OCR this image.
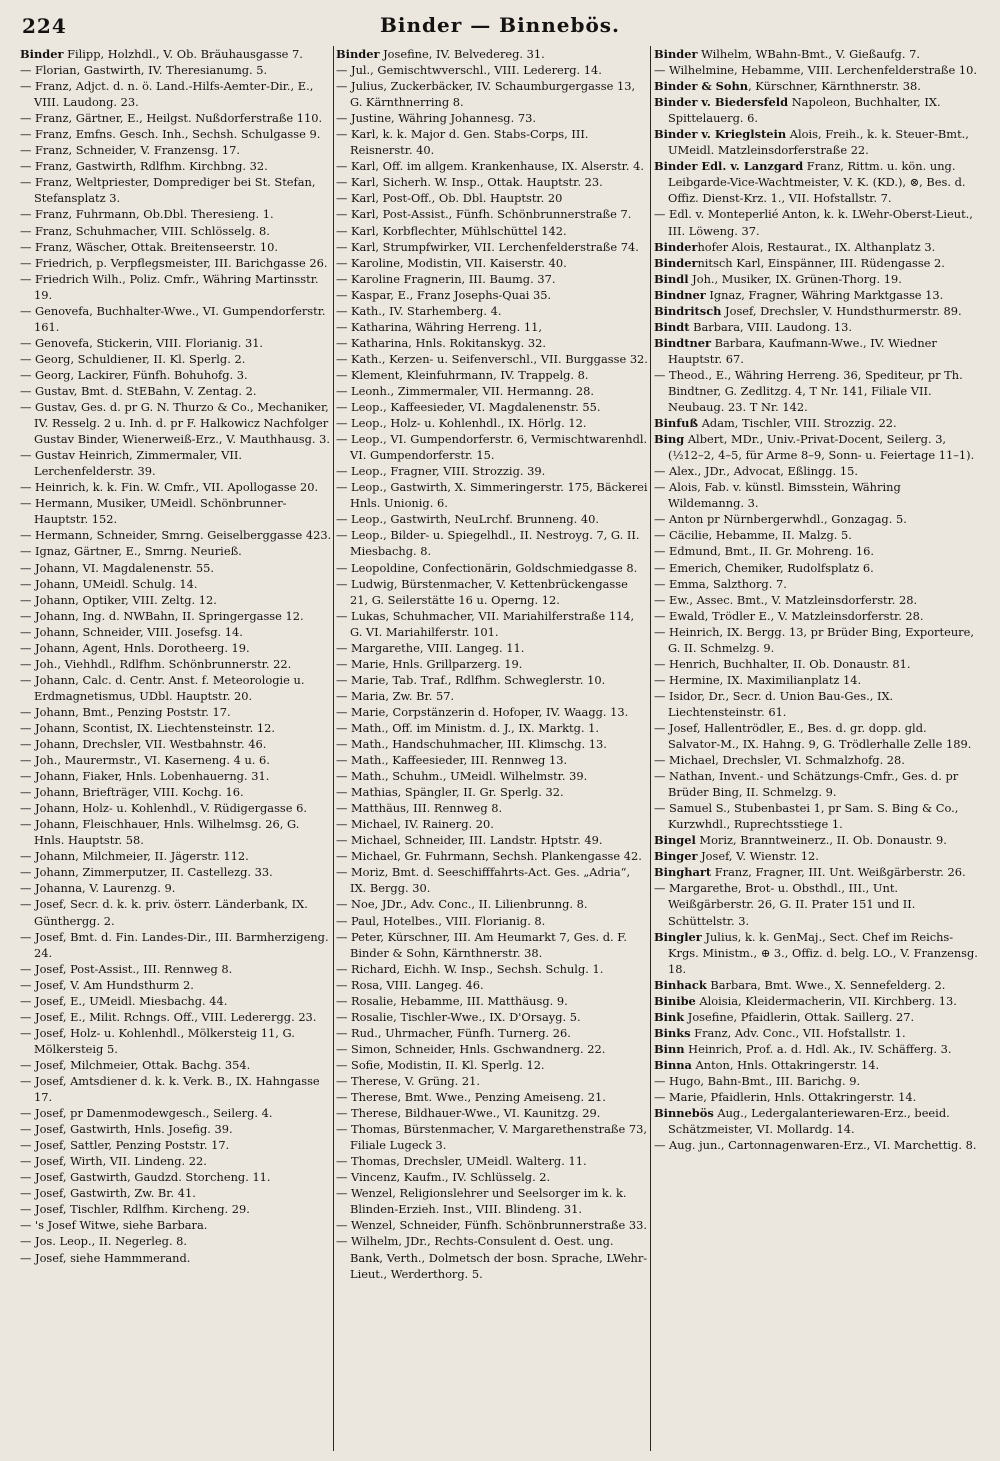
224	Binder — Binnebös.

Binder Filipp, Holzhdl., V. Ob. Bräuhausgasse 7.

— Florian, Gastwirth, IV. Theresianumg. 5.

— Franz, Adjct. d. n. ö. Land.-Hilfs-Aemter-Dir., E., VIII. Laudong. 23.

— Franz, Gärtner, E., Heilgst. Nußdorferstraße 110.

— Franz, Emfns. Gesch. Inh., Sechsh. Schulgasse 9.

— Franz, Schneider, V. Franzensg. 17.

— Franz, Gastwirth, Rdlfhm. Kirchbng. 32.

— Franz, Weltpriester, Domprediger bei St. Stefan, Stefansplatz 3.

— Franz, Fuhrmann, Ob.Dbl. Theresieng. 1.

— Franz, Schuhmacher, VIII. Schlösselg. 8.

— Franz, Wäscher, Ottak. Breitenseerstr. 10.

— Friedrich, p. Verpflegsmeister, III. Barichgasse 26.

— Friedrich Wilh., Poliz. Cmfr., Währing Martinsstr. 19.

— Genovefa, Buchhalter-Wwe., VI. Gumpendorferstr. 161.

— Genovefa, Stickerin, VIII. Florianig. 31.

— Georg, Schuldiener, II. Kl. Sperlg. 2.

— Georg, Lackirer, Fünfh. Bohuhofg. 3.

— Gustav, Bmt. d. StEBahn, V. Zentag. 2.

— Gustav, Ges. d. pr G. N. Thurzo & Co., Mechaniker, IV. Resselg. 2 u. Inh. d. pr F. Halkowicz Nachfolger Gustav Binder, Wienerweiß-Erz., V. Mauthhausg. 3.

— Gustav Heinrich, Zimmermaler, VII. Lerchenfelderstr. 39.

— Heinrich, k. k. Fin. W. Cmfr., VII. Apollogasse 20.

— Hermann, Musiker, UMeidl. Schönbrunner-Hauptstr. 152.

— Hermann, Schneider, Smrng. Geiselberggasse 423.

— Ignaz, Gärtner, E., Smrng. Neurieß.

— Johann, VI. Magdalenenstr. 55.

— Johann, UMeidl. Schulg. 14.

— Johann, Optiker, VIII. Zeltg. 12.

— Johann, Ing. d. NWBahn, II. Springergasse 12.

— Johann, Schneider, VIII. Josefsg. 14.

— Johann, Agent, Hnls. Dorotheerg. 19.

— Joh., Viehhdl., Rdlfhm. Schönbrunnerstr. 22.

— Johann, Calc. d. Centr. Anst. f. Meteorologie u. Erdmagnetismus, UDbl. Hauptstr. 20.

— Johann, Bmt., Penzing Poststr. 17.

— Johann, Scontist, IX. Liechtensteinstr. 12.

— Johann, Drechsler, VII. Westbahnstr. 46.

— Joh., Maurermstr., VI. Kaserneng. 4 u. 6.

— Johann, Fiaker, Hnls. Lobenhauerng. 31.

— Johann, Briefträger, VIII. Kochg. 16.

— Johann, Holz- u. Kohlenhdl., V. Rüdigergasse 6.

— Johann, Fleischhauer, Hnls. Wilhelmsg. 26, G. Hnls. Hauptstr. 58.

— Johann, Milchmeier, II. Jägerstr. 112.

— Johann, Zimmerputzer, II. Castellezg. 33.

— Johanna, V. Laurenzg. 9.

— Josef, Secr. d. k. k. priv. österr. Länderbank, IX. Günthergg. 2.

— Josef, Bmt. d. Fin. Landes-Dir., III. Barmherzigeng. 24.

— Josef, Post-Assist., III. Rennweg 8.

— Josef, V. Am Hundsthurm 2.

— Josef, E., UMeidl. Miesbachg. 44.

— Josef, E., Milit. Rchngs. Off., VIII. Lederergg. 23.

— Josef, Holz- u. Kohlenhdl., Mölkersteig 11, G. Mölkersteig 5.

— Josef, Milchmeier, Ottak. Bachg. 354.

— Josef, Amtsdiener d. k. k. Verk. B., IX. Hahngasse 17.

— Josef, pr Damenmodewgesch., Seilerg. 4.

— Josef, Gastwirth, Hnls. Josefig. 39.

— Josef, Sattler, Penzing Poststr. 17.

— Josef, Wirth, VII. Lindeng. 22.

— Josef, Gastwirth, Gaudzd. Storcheng. 11.

— Josef, Gastwirth, Zw. Br. 41.

— Josef, Tischler, Rdlfhm. Kircheng. 29.

— 's Josef Witwe, siehe Barbara.

— Jos. Leop., II. Negerleg. 8.

— Josef, siehe Hammmerand.

Binder Josefine, IV. Belvedereg. 31.

— Jul., Gemischtwverschl., VIII. Ledererg. 14.

— Julius, Zuckerbäcker, IV. Schaumburgergasse 13, G. Kärnthnerring 8.

— Justine, Währing Johannesg. 73.

— Karl, k. k. Major d. Gen. Stabs-Corps, III. Reisnerstr. 40.

— Karl, Off. im allgem. Krankenhause, IX. Alserstr. 4.

— Karl, Sicherh. W. Insp., Ottak. Hauptstr. 23.

— Karl, Post-Off., Ob. Dbl. Hauptstr. 20

— Karl, Post-Assist., Fünfh. Schönbrunnerstraße 7.

— Karl, Korbflechter, Mühlschüttel 142.

— Karl, Strumpfwirker, VII. Lerchenfelderstraße 74.

— Karoline, Modistin, VII. Kaiserstr. 40.

— Karoline Fragnerin, III. Baumg. 37.

— Kaspar, E., Franz Josephs-Quai 35.

— Kath., IV. Starhemberg. 4.

— Katharina, Währing Herreng. 11,

— Katharina, Hnls. Rokitanskyg. 32.

— Kath., Kerzen- u. Seifenverschl., VII. Burggasse 32.

— Klement, Kleinfuhrmann, IV. Trappelg. 8.

— Leonh., Zimmermaler, VII. Hermanng. 28.

— Leop., Kaffeesieder, VI. Magdalenenstr. 55.

— Leop., Holz- u. Kohlenhdl., IX. Hörlg. 12.

— Leop., VI. Gumpendorferstr. 6, Vermischtwarenhdl. VI. Gumpendorferstr. 15.

— Leop., Fragner, VIII. Strozzig. 39.

— Leop., Gastwirth, X. Simmeringerstr. 175, Bäckerei Hnls. Unionig. 6.

— Leop., Gastwirth, NeuLrchf. Brunneng. 40.

— Leop., Bilder- u. Spiegelhdl., II. Nestroyg. 7, G. II. Miesbachg. 8.

— Leopoldine, Confectionärin, Goldschmiedgasse 8.

— Ludwig, Bürstenmacher, V. Kettenbrückengasse 21, G. Seilerstätte 16 u. Operng. 12.

— Lukas, Schuhmacher, VII. Mariahilferstraße 114, G. VI. Mariahilferstr. 101.

— Margarethe, VIII. Langeg. 11.

— Marie, Hnls. Grillparzerg. 19.

— Marie, Tab. Traf., Rdlfhm. Schweglerstr. 10.

— Maria, Zw. Br. 57.

— Marie, Corpstänzerin d. Hofoper, IV. Waagg. 13.

— Math., Off. im Ministm. d. J., IX. Marktg. 1.

— Math., Handschuhmacher, III. Klimschg. 13.

— Math., Kaffeesieder, III. Rennweg 13.

— Math., Schuhm., UMeidl. Wilhelmstr. 39.

— Mathias, Spängler, II. Gr. Sperlg. 32.

— Matthäus, III. Rennweg 8.

— Michael, IV. Rainerg. 20.

— Michael, Schneider, III. Landstr. Hptstr. 49.

— Michael, Gr. Fuhrmann, Sechsh. Plankengasse 42.

— Moriz, Bmt. d. Seeschifffahrts-Act. Ges. „Adria“, IX. Bergg. 30.

— Noe, JDr., Adv. Conc., II. Lilienbrunng. 8.

— Paul, Hotelbes., VIII. Florianig. 8.

— Peter, Kürschner, III. Am Heumarkt 7, Ges. d. F. Binder & Sohn, Kärnthnerstr. 38.

— Richard, Eichh. W. Insp., Sechsh. Schulg. 1.

— Rosa, VIII. Langeg. 46.

— Rosalie, Hebamme, III. Matthäusg. 9.

— Rosalie, Tischler-Wwe., IX. D'Orsayg. 5.

— Rud., Uhrmacher, Fünfh. Turnerg. 26.

— Simon, Schneider, Hnls. Gschwandnerg. 22.

— Sofie, Modistin, II. Kl. Sperlg. 12.

— Therese, V. Grüng. 21.

— Therese, Bmt. Wwe., Penzing Ameiseng. 21.

— Therese, Bildhauer-Wwe., VI. Kaunitzg. 29.

— Thomas, Bürstenmacher, V. Margarethenstraße 73, Filiale Lugeck 3.

— Thomas, Drechsler, UMeidl. Walterg. 11.

— Vincenz, Kaufm., IV. Schlüsselg. 2.

— Wenzel, Religionslehrer und Seelsorger im k. k. Blinden-Erzieh. Inst., VIII. Blindeng. 31.

— Wenzel, Schneider, Fünfh. Schönbrunnerstraße 33.

— Wilhelm, JDr., Rechts-Consulent d. Oest. ung. Bank, Verth., Dolmetsch der bosn. Sprache, LWehr-Lieut., Werderthorg. 5.

Binder Wilhelm, WBahn-Bmt., V. Gießaufg. 7.

— Wilhelmine, Hebamme, VIII. Lerchenfelderstraße 10.

Binder & Sohn, Kürschner, Kärnthnerstr. 38.

Binder v. Biedersfeld Napoleon, Buchhalter, IX. Spittelauerg. 6.

Binder v. Krieglstein Alois, Freih., k. k. Steuer-Bmt., UMeidl. Matzleinsdorferstraße 22.

Binder Edl. v. Lanzgard Franz, Rittm. u. kön. ung. Leibgarde-Vice-Wachtmeister, V. K. (KD.), ⊗, Bes. d. Offiz. Dienst-Krz. 1., VII. Hofstallstr. 7.

— Edl. v. Monteperlié Anton, k. k. LWehr-Oberst-Lieut., III. Löweng. 37.

Binderhofer Alois, Restaurat., IX. Althanplatz 3.

Bindernitsch Karl, Einspänner, III. Rüdengasse 2.

Bindl Joh., Musiker, IX. Grünen-Thorg. 19.

Bindner Ignaz, Fragner, Währing Marktgasse 13.

Bindritsch Josef, Drechsler, V. Hundsthurmerstr. 89.

Bindt Barbara, VIII. Laudong. 13.

Bindtner Barbara, Kaufmann-Wwe., IV. Wiedner Hauptstr. 67.

— Theod., E., Währing Herreng. 36, Spediteur, pr Th. Bindtner, G. Zedlitzg. 4, T Nr. 141, Filiale VII. Neubaug. 23. T Nr. 142.

Binfuß Adam, Tischler, VIII. Strozzig. 22.

Bing Albert, MDr., Univ.-Privat-Docent, Seilerg. 3, (½12–2, 4–5, für Arme 8–9, Sonn- u. Feiertage 11–1).

— Alex., JDr., Advocat, Eßlingg. 15.

— Alois, Fab. v. künstl. Bimsstein, Währing Wildemanng. 3.

— Anton pr Nürnbergerwhdl., Gonzagag. 5.

— Cäcilie, Hebamme, II. Malzg. 5.

— Edmund, Bmt., II. Gr. Mohreng. 16.

— Emerich, Chemiker, Rudolfsplatz 6.

— Emma, Salzthorg. 7.

— Ew., Assec. Bmt., V. Matzleinsdorferstr. 28.

— Ewald, Trödler E., V. Matzleinsdorferstr. 28.

— Heinrich, IX. Bergg. 13, pr Brüder Bing, Exporteure, G. II. Schmelzg. 9.

— Henrich, Buchhalter, II. Ob. Donaustr. 81.

— Hermine, IX. Maximilianplatz 14.

— Isidor, Dr., Secr. d. Union Bau-Ges., IX. Liechtensteinstr. 61.

— Josef, Hallentrödler, E., Bes. d. gr. dopp. gld. Salvator-M., IX. Hahng. 9, G. Trödlerhalle Zelle 189.

— Michael, Drechsler, VI. Schmalzhofg. 28.

— Nathan, Invent.- und Schätzungs-Cmfr., Ges. d. pr Brüder Bing, II. Schmelzg. 9.

— Samuel S., Stubenbastei 1, pr Sam. S. Bing & Co., Kurzwhdl., Ruprechtsstiege 1.

Bingel Moriz, Branntweinerz., II. Ob. Donaustr. 9.

Binger Josef, V. Wienstr. 12.

Binghart Franz, Fragner, III. Unt. Weißgärberstr. 26.

— Margarethe, Brot- u. Obsthdl., III., Unt. Weißgärberstr. 26, G. II. Prater 151 und II. Schüttelstr. 3.

Bingler Julius, k. k. GenMaj., Sect. Chef im Reichs-Krgs. Ministm., ⊕ 3., Offiz. d. belg. LO., V. Franzensg. 18.

Binhack Barbara, Bmt. Wwe., X. Sennefelderg. 2.

Binibe Aloisia, Kleidermacherin, VII. Kirchberg. 13.

Bink Josefine, Pfaidlerin, Ottak. Saillerg. 27.

Binks Franz, Adv. Conc., VII. Hofstallstr. 1.

Binn Heinrich, Prof. a. d. Hdl. Ak., IV. Schäfferg. 3.

Binna Anton, Hnls. Ottakringerstr. 14.

— Hugo, Bahn-Bmt., III. Barichg. 9.

— Marie, Pfaidlerin, Hnls. Ottakringerstr. 14.

Binnebös Aug., Ledergalanteriewaren-Erz., beeid. Schätzmeister, VI. Mollardg. 14.

— Aug. jun., Cartonnagenwaren-Erz., VI. Marchettig. 8.
